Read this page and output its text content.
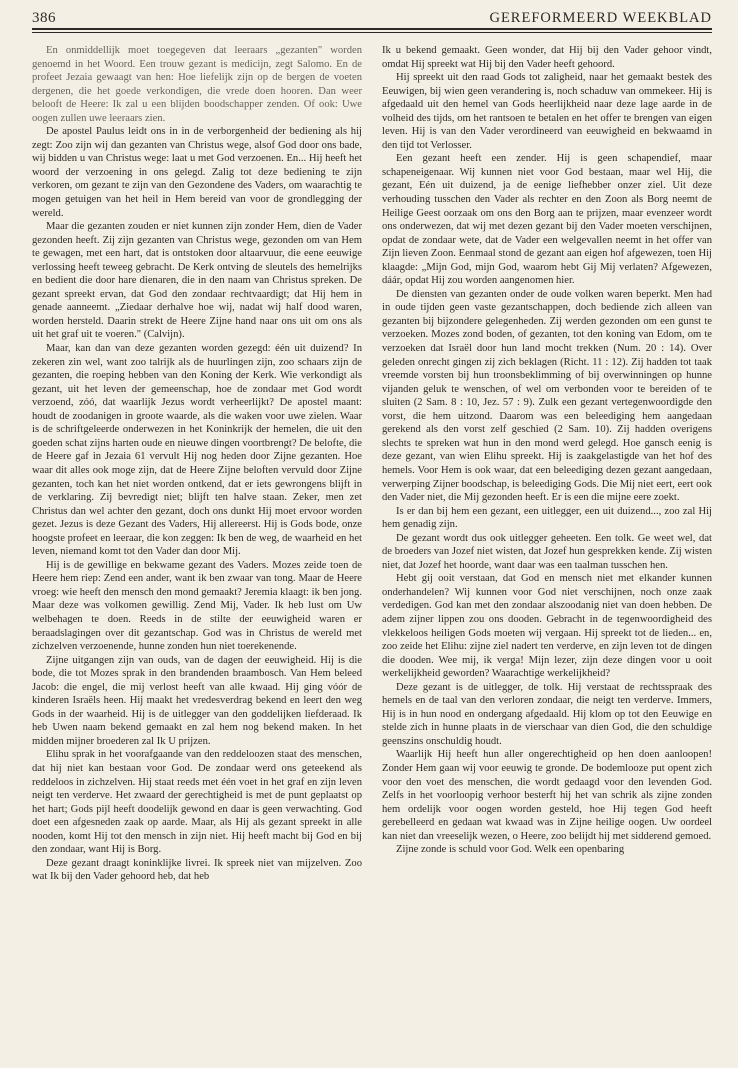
386	GEREFORMEERD WEEKBLAD

En onmiddellijk moet toegegeven dat leeraars „gezanten" worden genoemd in het Woord. Een trouw gezant is medicijn, zegt Salomo. En de profeet Jezaia gewaagt van hen: Hoe liefelijk zijn op de bergen de voeten dergenen, die het goede verkondigen, die vrede doen hooren. Dan weer belooft de Heere: Ik zal u een blijden boodschapper zenden. Of ook: Uwe oogen zullen uwe leeraars zien.

De apostel Paulus leidt ons in in de verborgenheid der bediening als hij zegt: Zoo zijn wij dan gezanten van Christus wege, alsof God door ons bade, wij bidden u van Christus wege: laat u met God verzoenen. En... Hij heeft het woord der verzoening in ons gelegd. Zalig tot deze bediening te zijn verkoren, om gezant te zijn van den Gezondene des Vaders, om waarachtig te mogen getuigen van het heil in Hem bereid van voor de grondlegging der wereld.

Maar die gezanten zouden er niet kunnen zijn zonder Hem, dien de Vader gezonden heeft. Zij zijn gezanten van Christus wege, gezonden om van Hem te gewagen, met een hart, dat is ontstoken door altaarvuur, die eene eeuwige verlossing heeft teweeg gebracht. De Kerk ontving de sleutels des hemelrijks en bedient die door hare dienaren, die in den naam van Christus spreken. De gezant spreekt ervan, dat God den zondaar rechtvaardigt; dat Hij hem in genade aanneemt. „Ziedaar derhalve hoe wij, nadat wij half dood waren, worden hersteld. Daarin strekt de Heere Zijne hand naar ons uit om ons als uit het graf uit te voeren." (Calvijn).

Maar, kan dan van deze gezanten worden gezegd: één uit duizend? In zekeren zin wel, want zoo talrijk als de huurlingen zijn, zoo schaars zijn de gezanten, die roeping hebben van den Koning der Kerk. Wie verkondigt als gezant, uit het leven der gemeenschap, hoe de zondaar met God wordt verzoend, zóó, dat waarlijk Jezus wordt verheerlijkt? De apostel maant: houdt de zoodanigen in groote waarde, als die waken voor uwe zielen. Waar is de schriftgeleerde onderwezen in het Koninkrijk der hemelen, die uit den goeden schat zijns harten oude en nieuwe dingen voortbrengt? De belofte, die de Heere gaf in Jezaia 61 vervult Hij nog heden door Zijne gezanten. Hoe waar dit alles ook moge zijn, dat de Heere Zijne beloften vervuld door Zijne gezanten, toch kan het niet worden ontkend, dat er iets gewrongens blijft in de verklaring. Zij bevredigt niet; blijft ten halve staan. Zeker, men zet Christus dan wel achter den gezant, doch ons dunkt Hij moet ervoor worden gezet. Jezus is deze Gezant des Vaders, Hij allereerst. Hij is Gods bode, onze hoogste profeet en leeraar, die kon zeggen: Ik ben de weg, de waarheid en het leven, niemand komt tot den Vader dan door Mij.

Hij is de gewillige en bekwame gezant des Vaders. Mozes zeide toen de Heere hem riep: Zend een ander, want ik ben zwaar van tong. Maar de Heere vroeg: wie heeft den mensch den mond gemaakt? Jeremia klaagt: ik ben jong. Maar deze was volkomen gewillig. Zend Mij, Vader. Ik heb lust om Uw welbehagen te doen. Reeds in de stilte der eeuwigheid waren er beraadslagingen over dit gezantschap. God was in Christus de wereld met zichzelven verzoenende, hunne zonden hun niet toerekenende.

Zijne uitgangen zijn van ouds, van de dagen der eeuwigheid. Hij is die bode, die tot Mozes sprak in den brandenden braambosch. Van Hem beleed Jacob: die engel, die mij verlost heeft van alle kwaad. Hij ging vóór de kinderen Israëls heen. Hij maakt het vredesverdrag bekend en leert den weg Gods in der waarheid. Hij is de uitlegger van den goddelijken liefderaad. Ik heb Uwen naam bekend gemaakt en zal hem nog bekend maken. In het midden mijner broederen zal Ik U prijzen.

Elihu sprak in het voorafgaande van den reddeloozen staat des menschen, dat hij niet kan bestaan voor God. De zondaar werd ons geteekend als reddeloos in zichzelven. Hij staat reeds met één voet in het graf en zijn leven neigt ten verderve. Het zwaard der gerechtigheid is met de punt geplaatst op het hart; Gods pijl heeft doodelijk gewond en daar is geen verwachting. God doet een afgesneden zaak op aarde. Maar, als Hij als gezant spreekt in alle nooden, komt Hij tot den mensch in zijn niet. Hij heeft macht bij God en bij den zondaar, want Hij is Borg.

Deze gezant draagt koninklijke livrei. Ik spreek niet van mijzelven. Zoo wat Ik bij den Vader gehoord heb, dat heb

Ik u bekend gemaakt. Geen wonder, dat Hij bij den Vader gehoor vindt, omdat Hij spreekt wat Hij bij den Vader heeft gehoord.

Hij spreekt uit den raad Gods tot zaligheid, naar het gemaakt bestek des Eeuwigen, bij wien geen verandering is, noch schaduw van ommekeer. Hij is afgedaald uit den hemel van Gods heerlijkheid naar deze lage aarde in de volheid des tijds, om het rantsoen te betalen en het offer te brengen van eigen leven. Hij is van den Vader verordineerd van eeuwigheid en bekwaamd in den tijd tot Verlosser.

Een gezant heeft een zender. Hij is geen schapendief, maar schapeneigenaar. Wij kunnen niet voor God bestaan, maar wel Hij, die gezant, Eén uit duizend, ja de eenige liefhebber onzer ziel. Uit deze verhouding tusschen den Vader als rechter en den Zoon als Borg neemt de Heilige Geest oorzaak om ons den Borg aan te prijzen, maar evenzeer wordt ons onderwezen, dat wij met dezen gezant bij den Vader moeten verschijnen, opdat de zondaar wete, dat de Vader een welgevallen neemt in het offer van Zijn lieven Zoon. Eenmaal stond de gezant aan eigen hof afgewezen, toen Hij klaagde: „Mijn God, mijn God, waarom hebt Gij Mij verlaten? Afgewezen, dáár, opdat Hij zou worden aangenomen hier.

De diensten van gezanten onder de oude volken waren beperkt. Men had in oude tijden geen vaste gezantschappen, doch bediende zich alleen van gezanten bij bijzondere gelegenheden. Zij werden gezonden om een gunst te verzoeken. Mozes zond boden, of gezanten, tot den koning van Edom, om te verzoeken dat Israël door hun land mocht trekken (Num. 20 : 14). Over geleden onrecht gingen zij zich beklagen (Richt. 11 : 12). Zij hadden tot taak vreemde vorsten bij hun troonsbeklimming of bij overwinningen op hunne vijanden geluk te wenschen, of wel om verbonden voor te bereiden of te sluiten (2 Sam. 8 : 10, Jez. 57 : 9). Zulk een gezant vertegenwoordigde den vorst, die hem uitzond. Daarom was een beleediging hem aangedaan gerekend als den vorst zelf geschied (2 Sam. 10). Zij hadden overigens slechts te spreken wat hun in den mond werd gelegd. Hoe gansch eenig is deze gezant, van wien Elihu spreekt. Hij is zaakgelastigde van het hof des hemels. Voor Hem is ook waar, dat een beleediging dezen gezant aangedaan, verwerping Zijner boodschap, is beleediging Gods. Die Mij niet eert, eert ook den Vader niet, die Mij gezonden heeft. Er is een die mijne eere zoekt.

Is er dan bij hem een gezant, een uitlegger, een uit duizend..., zoo zal Hij hem genadig zijn.

De gezant wordt dus ook uitlegger geheeten. Een tolk. Ge weet wel, dat de broeders van Jozef niet wisten, dat Jozef hun gesprekken kende. Zij wisten niet, dat Jozef het hoorde, want daar was een taalman tusschen hen.

Hebt gij ooit verstaan, dat God en mensch niet met elkander kunnen onderhandelen? Wij kunnen voor God niet verschijnen, noch onze zaak verdedigen. God kan met den zondaar alszoodanig niet van doen hebben. De adem zijner lippen zou ons dooden. Gebracht in de tegenwoordigheid des vlekkeloos heiligen Gods moeten wij vergaan. Hij spreekt tot de lieden... en, zoo zeide het Elihu: zijne ziel nadert ten verderve, en zijn leven tot de dingen die dooden. Wee mij, ik verga! Mijn lezer, zijn deze dingen voor u ooit werkelijkheid geworden? Waarachtige werkelijkheid?

Deze gezant is de uitlegger, de tolk. Hij verstaat de rechtsspraak des hemels en de taal van den verloren zondaar, die neigt ten verderve. Immers, Hij is in hun nood en ondergang afgedaald. Hij klom op tot den Eeuwige en stelde zich in hunne plaats in de vierschaar van dien God, die den schuldige geenszins onschuldig houdt.

Waarlijk Hij heeft hun aller ongerechtigheid op hen doen aanloopen! Zonder Hem gaan wij voor eeuwig te gronde. De bodemlooze put opent zich voor den voet des menschen, die wordt gedaagd voor den levenden God. Zelfs in het voorloopig verhoor besterft hij het van schrik als zijne zonden hem ordelijk voor oogen worden gesteld, hoe Hij tegen God heeft gerebelleerd en gedaan wat kwaad was in Zijne heilige oogen. Uw oordeel kan niet dan vreeselijk wezen, o Heere, zoo belijdt hij met sidderend gemoed.

Zijne zonde is schuld voor God. Welk een openbaring
